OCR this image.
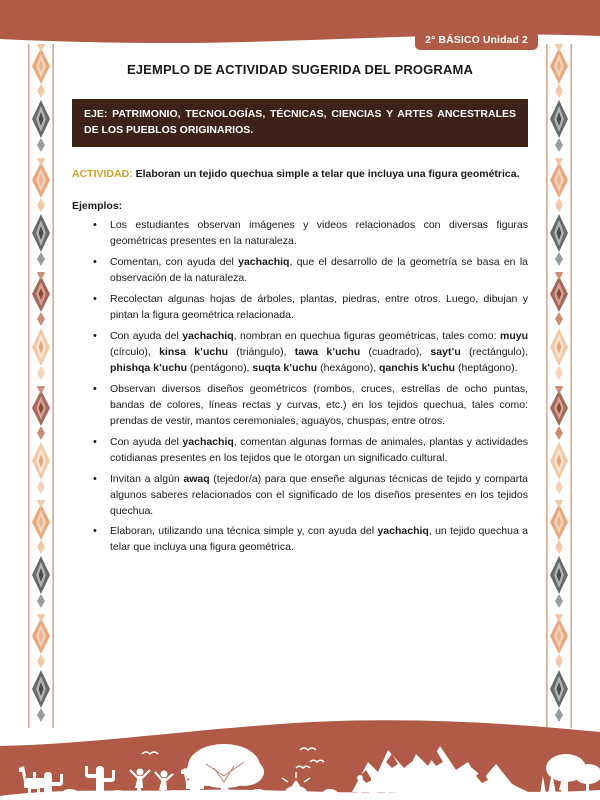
2° BÁSICO Unidad 2
EJEMPLO DE ACTIVIDAD SUGERIDA DEL PROGRAMA
EJE: PATRIMONIO, TECNOLOGÍAS, TÉCNICAS, CIENCIAS Y ARTES ANCESTRALES DE LOS PUEBLOS ORIGINARIOS.
ACTIVIDAD: Elaboran un tejido quechua simple a telar que incluya una figura geométrica.
Ejemplos:
• Los estudiantes observan imágenes y videos relacionados con diversas figuras geométricas presentes en la naturaleza.
• Comentan, con ayuda del yachachiq, que el desarrollo de la geometría se basa en la observación de la naturaleza.
• Recolectan algunas hojas de árboles, plantas, piedras, entre otros. Luego, dibujan y pintan la figura geométrica relacionada.
• Con ayuda del yachachiq, nombran en quechua figuras geométricas, tales como: muyu (círculo), kinsa k’uchu (triángulo), tawa k’uchu (cuadrado), sayt’u (rectángulo), phishqa k’uchu (pentágono), suqta k’uchu (hexágono), qanchis k'uchu (heptágono).
• Observan diversos diseños geométricos (rombos, cruces, estrellas de ocho puntas, bandas de colores, líneas rectas y curvas, etc.) en los tejidos quechua, tales como: prendas de vestir, mantos ceremoniales, aguayos, chuspas, entre otros.
• Con ayuda del yachachiq, comentan algunas formas de animales, plantas y actividades cotidianas presentes en los tejidos que le otorgan un significado cultural.
• Invitan a algún awaq (tejedor/a) para que enseñe algunas técnicas de tejido y comparta algunos saberes relacionados con el significado de los diseños presentes en los tejidos quechua.
• Elaboran, utilizando una técnica simple y, con ayuda del yachachiq, un tejido quechua a telar que incluya una figura geométrica.
